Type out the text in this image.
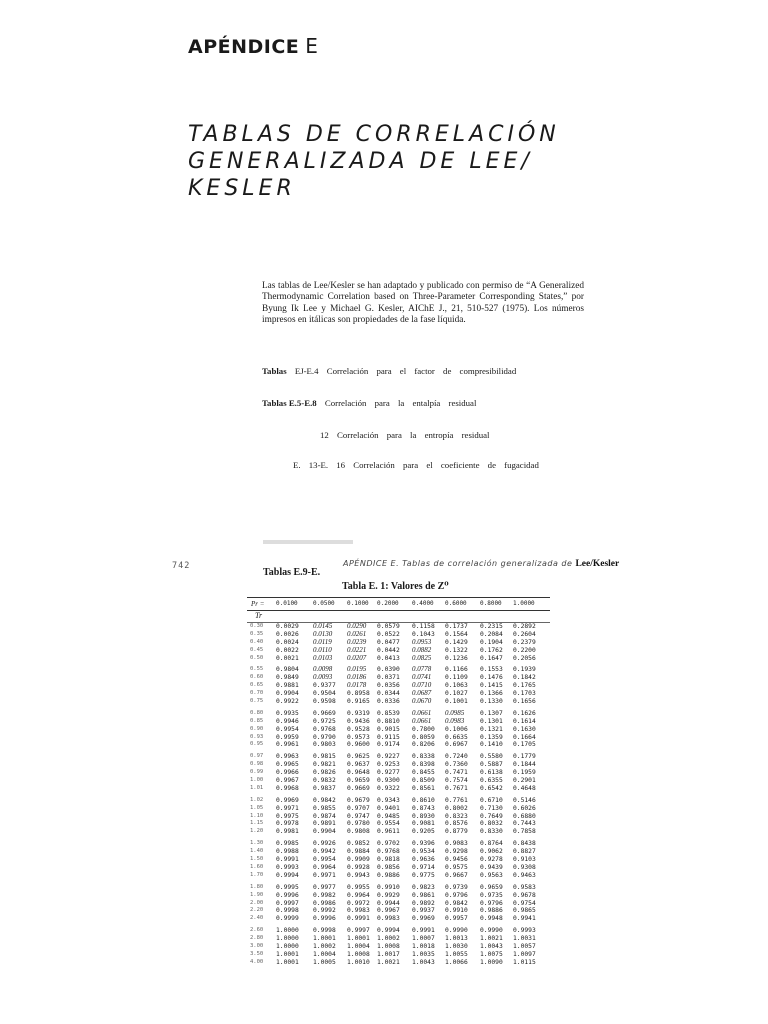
APÉNDICE E
TABLAS DE CORRELACIÓN
GENERALIZADA DE LEE/
KESLER
Las tablas de Lee/Kesler se han adaptado y publicado con permiso de “A Generalized Thermodynamic Correlation based on Three-Parameter Corresponding States,” por Byung Ik Lee y Michael G. Kesler, AIChE J., 21, 510-527 (1975). Los números impresos en itálicas son propiedades de la fase líquida.
Tablas EJ-E.4 Correlación para el factor de compresibilidad
Tablas E.5-E.8 Correlación para la entalpía residual
12 Correlación para la entropía residual
E. 13-E. 16 Correlación para el coeficiente de fugacidad
742	APÉNDICE E. Tablas de correlación generalizada de Lee/Kesler
Tablas E.9-E.
Tabla E. 1: Valores de Z⁰
Pr = 0.0100	0.0500 0.1000 0.2000 0.4000 0.6000 0.8000 1.0000
Tr
0.30 0.0029 0.0145 0.0290 0.0579 0.1158 0.1737 0.2315 0.2892
0.35 0.0026 0.0130 0.0261 0.0522 0.1043 0.1564 0.2084 0.2604
0.40 0.0024 0.0119 0.0239 0.0477 0.0953 0.1429 0.1904 0.2379
0.45 0.0022 0.0110 0.0221 0.0442 0.0882 0.1322 0.1762 0.2200
0.50 0.0021 0.0103 0.0207 0.0413 0.0825 0.1236 0.1647 0.2056
0.55 0.9804 0.0098 0.0195 0.0390 0.0778 0.1166 0.1553 0.1939
0.60 0.9849 0.0093 0.0186 0.0371 0.0741 0.1109 0.1476 0.1842
0.65 0.9881 0.9377 0.0178 0.0356 0.0710 0.1063 0.1415 0.1765
0.70 0.9904 0.9504 0.8958 0.0344 0.0687 0.1027 0.1366 0.1703
0.75 0.9922 0.9598 0.9165 0.0336 0.0670 0.1001 0.1330 0.1656
0.80 0.9935 0.9669 0.9319 0.8539 0.0661 0.0985	0.1307 0.1626
0.85 0.9946 0.9725 0.9436 0.8810 0.0661 0.0983	0.1301 0.1614
0.90 0.9954 0.9768 0.9528 0.9015 0.7800 0.1006 0.1321 0.1630
0.93 0.9959 0.9790 0.9573 0.9115 0.8059 0.6635 0.1359 0.1664
0.95 0.9961 0.9803 0.9600 0.9174 0.8206 0.6967 0.1410 0.1705
0.97 0.9963 0.9815 0.9625 0.9227 0.8338 0.7240 0.5580 0.1779
0.98 0.9965 0.9821 0.9637 0.9253 0.8398 0.7360 0.5887 0.1844
0.99 0.9966 0.9826 0.9648 0.9277 0.8455 0.7471 0.6138 0.1959
1.00 0.9967 0.9832 0.9659 0.9300 0.8509 0.7574 0.6355 0.2901
1.01 0.9968 0.9837 0.9669 0.9322 0.8561 0.7671 0.6542 0.4648
1.02 0.9969 0.9842 0.9679 0.9343 0.8610 0.7761 0.6710 0.5146
1.05 0.9971 0.9855 0.9707 0.9401 0.8743 0.8002 0.7130 0.6026
1.10 0.9975 0.9874 0.9747 0.9485 0.8930 0.8323 0.7649 0.6880
1.15 0.9978 0.9891 0.9780 0.9554 0.9081 0.8576 0.8032 0.7443
1.20 0.9981 0.9904 0.9808 0.9611 0.9205 0.8779 0.8330 0.7858
1.30 0.9985 0.9926 0.9852 0.9702 0.9396 0.9083 0.8764 0.8438
1.40 0.9988 0.9942 0.9884 0.9768 0.9534 0.9298 0.9062 0.8827
1.50 0.9991 0.9954 0.9909 0.9818 0.9636 0.9456 0.9278 0.9103
1.60 0.9993 0.9964 0.9928 0.9856 0.9714 0.9575 0.9439 0.9308
1.70 0.9994 0.9971 0.9943 0.9886 0.9775 0.9667 0.9563 0.9463
1.80 0.9995 0.9977 0.9955 0.9910 0.9823 0.9739 0.9659 0.9583
1.90 0.9996 0.9982 0.9964 0.9929 0.9861 0.9796 0.9735 0.9678
2.00 0.9997 0.9986 0.9972 0.9944 0.9892 0.9842 0.9796 0.9754
2.20 0.9998 0.9992 0.9983 0.9967 0.9937 0.9910 0.9886 0.9865
2.40 0.9999 0.9996 0.9991 0.9983 0.9969 0.9957 0.9948 0.9941
2.60 1.0000 0.9998 0.9997 0.9994 0.9991 0.9990 0.9990 0.9993
2.80 1.0000 1.0001 1.0001 1.0002 1.0007 1.0013 1.0021 1.0031
3.00 1.0000 1.0002 1.0004 1.0008 1.0018 1.0030 1.0043 1.0057
3.50 1.0001 1.0004 1.0008 1.0017 1.0035 1.0055 1.0075 1.0097
4.00 1.0001 1.0005 1.0010 1.0021 1.0043 1.0066 1.0090 1.0115
